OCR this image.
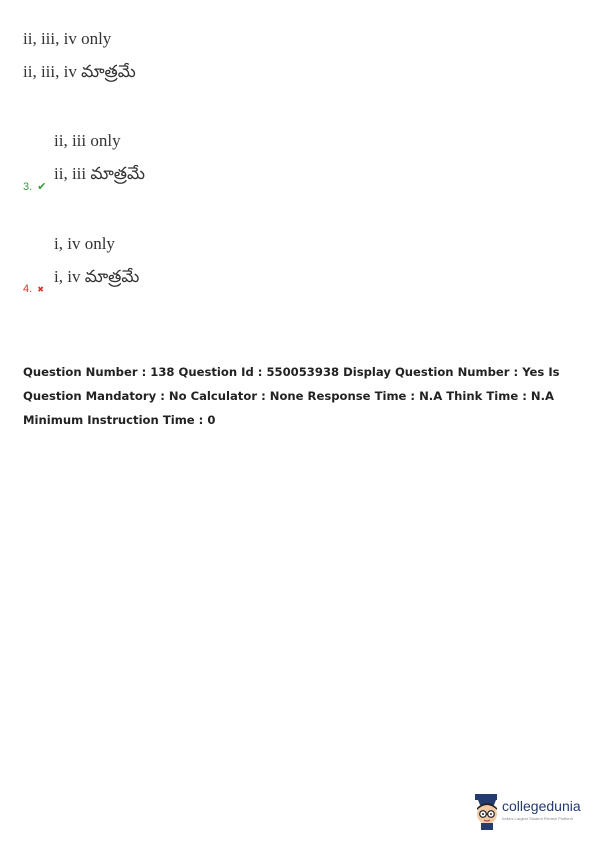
ii, iii, iv only
ii, iii, iv మాత్రమే
ii, iii only
ii, iii మాత్రమే
3. ✔
i, iv only
i, iv మాత్రమే
4. ✖
Question Number : 138 Question Id : 550053938 Display Question Number : Yes Is Question Mandatory : No Calculator : None Response Time : N.A Think Time : N.A Minimum Instruction Time : 0
collegedunia
India's Largest Student Review Platform
